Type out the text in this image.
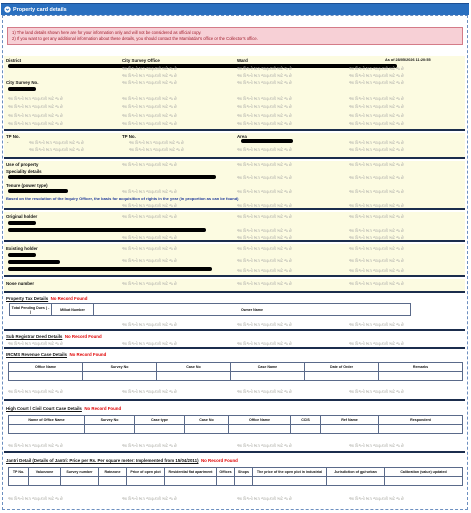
Property card details
1) The land details shown here are for your information only and will not be considered as official copy.
2) If you want to get any additional information about these details, you should contact the Mamlatdar's office or the Collector's office.
District	City Survey Office	Ward	As of 28/05/2026 11:20:55
City Survey No.
આ વિગતો માત્ર જાણકારી માટે જ છે	આ વિગતો માત્ર જાણકારી માટે જ છે	આ વિગતો માત્ર જાણકારી માટે જ છે
આ વિગતો માત્ર જાણકારી માટે જ છે	આ વિગતો માત્ર જાણકારી માટે જ છે	આ વિગતો માત્ર જાણકારી માટે જ છે
આ વિગતો માત્ર જાણકારી માટે જ છે	આ વિગતો માત્ર જાણકારી માટે જ છે	આ વિગતો માત્ર જાણકારી માટે જ છે
આ વિગતો માત્ર જાણકારી માટે જ છે	આ વિગતો માત્ર જાણકારી માટે જ છે	આ વિગતો માત્ર જાણકારી માટે જ છે	આ વિગતો માત્ર જાણકારી માટે જ છે
આ વિગતો માત્ર જાણકારી માટે જ છે	આ વિગતો માત્ર જાણકારી માટે જ છે	આ વિગતો માત્ર જાણકારી માટે જ છે	આ વિગતો માત્ર જાણકારી માટે જ છે
આ વિગતો માત્ર જાણકારી માટે જ છે	આ વિગતો માત્ર જાણકારી માટે જ છે	આ વિગતો માત્ર જાણકારી માટે જ છે	આ વિગતો માત્ર જાણકારી માટે જ છે
આ વિગતો માત્ર જાણકારી માટે જ છે	આ વિગતો માત્ર જાણકારી માટે જ છે	આ વિગતો માત્ર જાણકારી માટે જ છે	આ વિગતો માત્ર જાણકારી માટે જ છે
TP No.	TP No.	Area
-	આ વિગતો માત્ર જાણકારી માટે જ છે	આ વિગતો માત્ર જાણકારી માટે જ છે	આ વિગતો માત્ર જાણકારી માટે જ છે
આ વિગતો માત્ર જાણકારી માટે જ છે	આ વિગતો માત્ર જાણકારી માટે જ છે	આ વિગતો માત્ર જાણકારી માટે જ છે	આ વિગતો માત્ર જાણકારી માટે જ છે
Use of property
Speciality details
Tenure (power type)
Based on the resolution of the Inquiry Officer, the basis for acquisition of rights in the year (in proportion as can be found)
આ વિગતો માત્ર જાણકારી માટે જ છે	આ વિગતો માત્ર જાણકારી માટે જ છે	આ વિગતો માત્ર જાણકારી માટે જ છે
આ વિગતો માત્ર જાણકારી માટે જ છે	આ વિગતો માત્ર જાણકારી માટે જ છે
આ વિગતો માત્ર જાણકારી માટે જ છે	આ વિગતો માત્ર જાણકારી માટે જ છે	આ વિગતો માત્ર જાણકારી માટે જ છે
આ વિગતો માત્ર જાણકારી માટે જ છે	આ વિગતો માત્ર જાણકારી માટે જ છે	આ વિગતો માત્ર જાણકારી માટે જ છે
Original holder	આ વિગતો માત્ર જાણકારી માટે જ છે	આ વિગતો માત્ર જાણકારી માટે જ છે	આ વિગતો માત્ર જાણકારી માટે જ છે
આ વિગતો માત્ર જાણકારી માટે જ છે	આ વિગતો માત્ર જાણકારી માટે જ છે
આ વિગતો માત્ર જાણકારી માટે જ છે	આ વિગતો માત્ર જાણકારી માટે જ છે	આ વિગતો માત્ર જાણકારી માટે જ છે
Existing holder	આ વિગતો માત્ર જાણકારી માટે જ છે	આ વિગતો માત્ર જાણકારી માટે જ છે	આ વિગતો માત્ર જાણકારી માટે જ છે
આ વિગતો માત્ર જાણકારી માટે જ છે	આ વિગતો માત્ર જાણકારી માટે જ છે	આ વિગતો માત્ર જાણકારી માટે જ છે
આ વિગતો માત્ર જાણકારી માટે જ છે	આ વિગતો માત્ર જાણકારી માટે જ છે
Nose number	આ વિગતો માત્ર જાણકારી માટે જ છે	આ વિગતો માત્ર જાણકારી માટે જ છે	આ વિગતો માત્ર જાણકારી માટે જ છે
Property Tax Details No Record Found
Total Pending Dues ( - )	Milkat Number	Owner Name
આ વિગતો માત્ર જાણકારી માટે જ છે	આ વિગતો માત્ર જાણકારી માટે જ છે	આ વિગતો માત્ર જાણકારી માટે જ છે
Sub Registrar Deed Details No Record Found
આ વિગતો માત્ર જાણકારી માટે જ છે	આ વિગતો માત્ર જાણકારી માટે જ છે	આ વિગતો માત્ર જાણકારી માટે જ છે	આ વિગતો માત્ર જાણકારી માટે જ છે
IRCMS Revenue Case Details No Record Found
Office Name	Survey No	Case No	Case Name	Date of Order	Remarks

આ વિગતો માત્ર જાણકારી માટે જ છે	આ વિગતો માત્ર જાણકારી માટે જ છે	આ વિગતો માત્ર જાણકારી માટે જ છે	આ વિગતો માત્ર જાણકારી માટે જ છે
High Court / Civil Court Case Details No Record Found
Name of Office Name	Survey No	Case type	Case No	Office Name	CCIS	Ref Name	Respondent

આ વિગતો માત્ર જાણકારી માટે જ છે	આ વિગતો માત્ર જાણકારી માટે જ છે	આ વિગતો માત્ર જાણકારી માટે જ છે	આ વિગતો માત્ર જાણકારી માટે જ છે
Jantri Detail (Details of Jantri: Price per Rs. Per square meter: Implemented from 15/04/2011) No Record Found
TP No.	Valuezone	Survey number	Ratezone	Price of open plot	Residential flat apartment	Offices	Shops	The price of the open plot in industrial	Jurisdiction of gp/rurban	Calibration (value) updated

આ વિગતો માત્ર જાણકારી માટે જ છે	આ વિગતો માત્ર જાણકારી માટે જ છે	આ વિગતો માત્ર જાણકારી માટે જ છે	આ વિગતો માત્ર જાણકારી માટે જ છે
